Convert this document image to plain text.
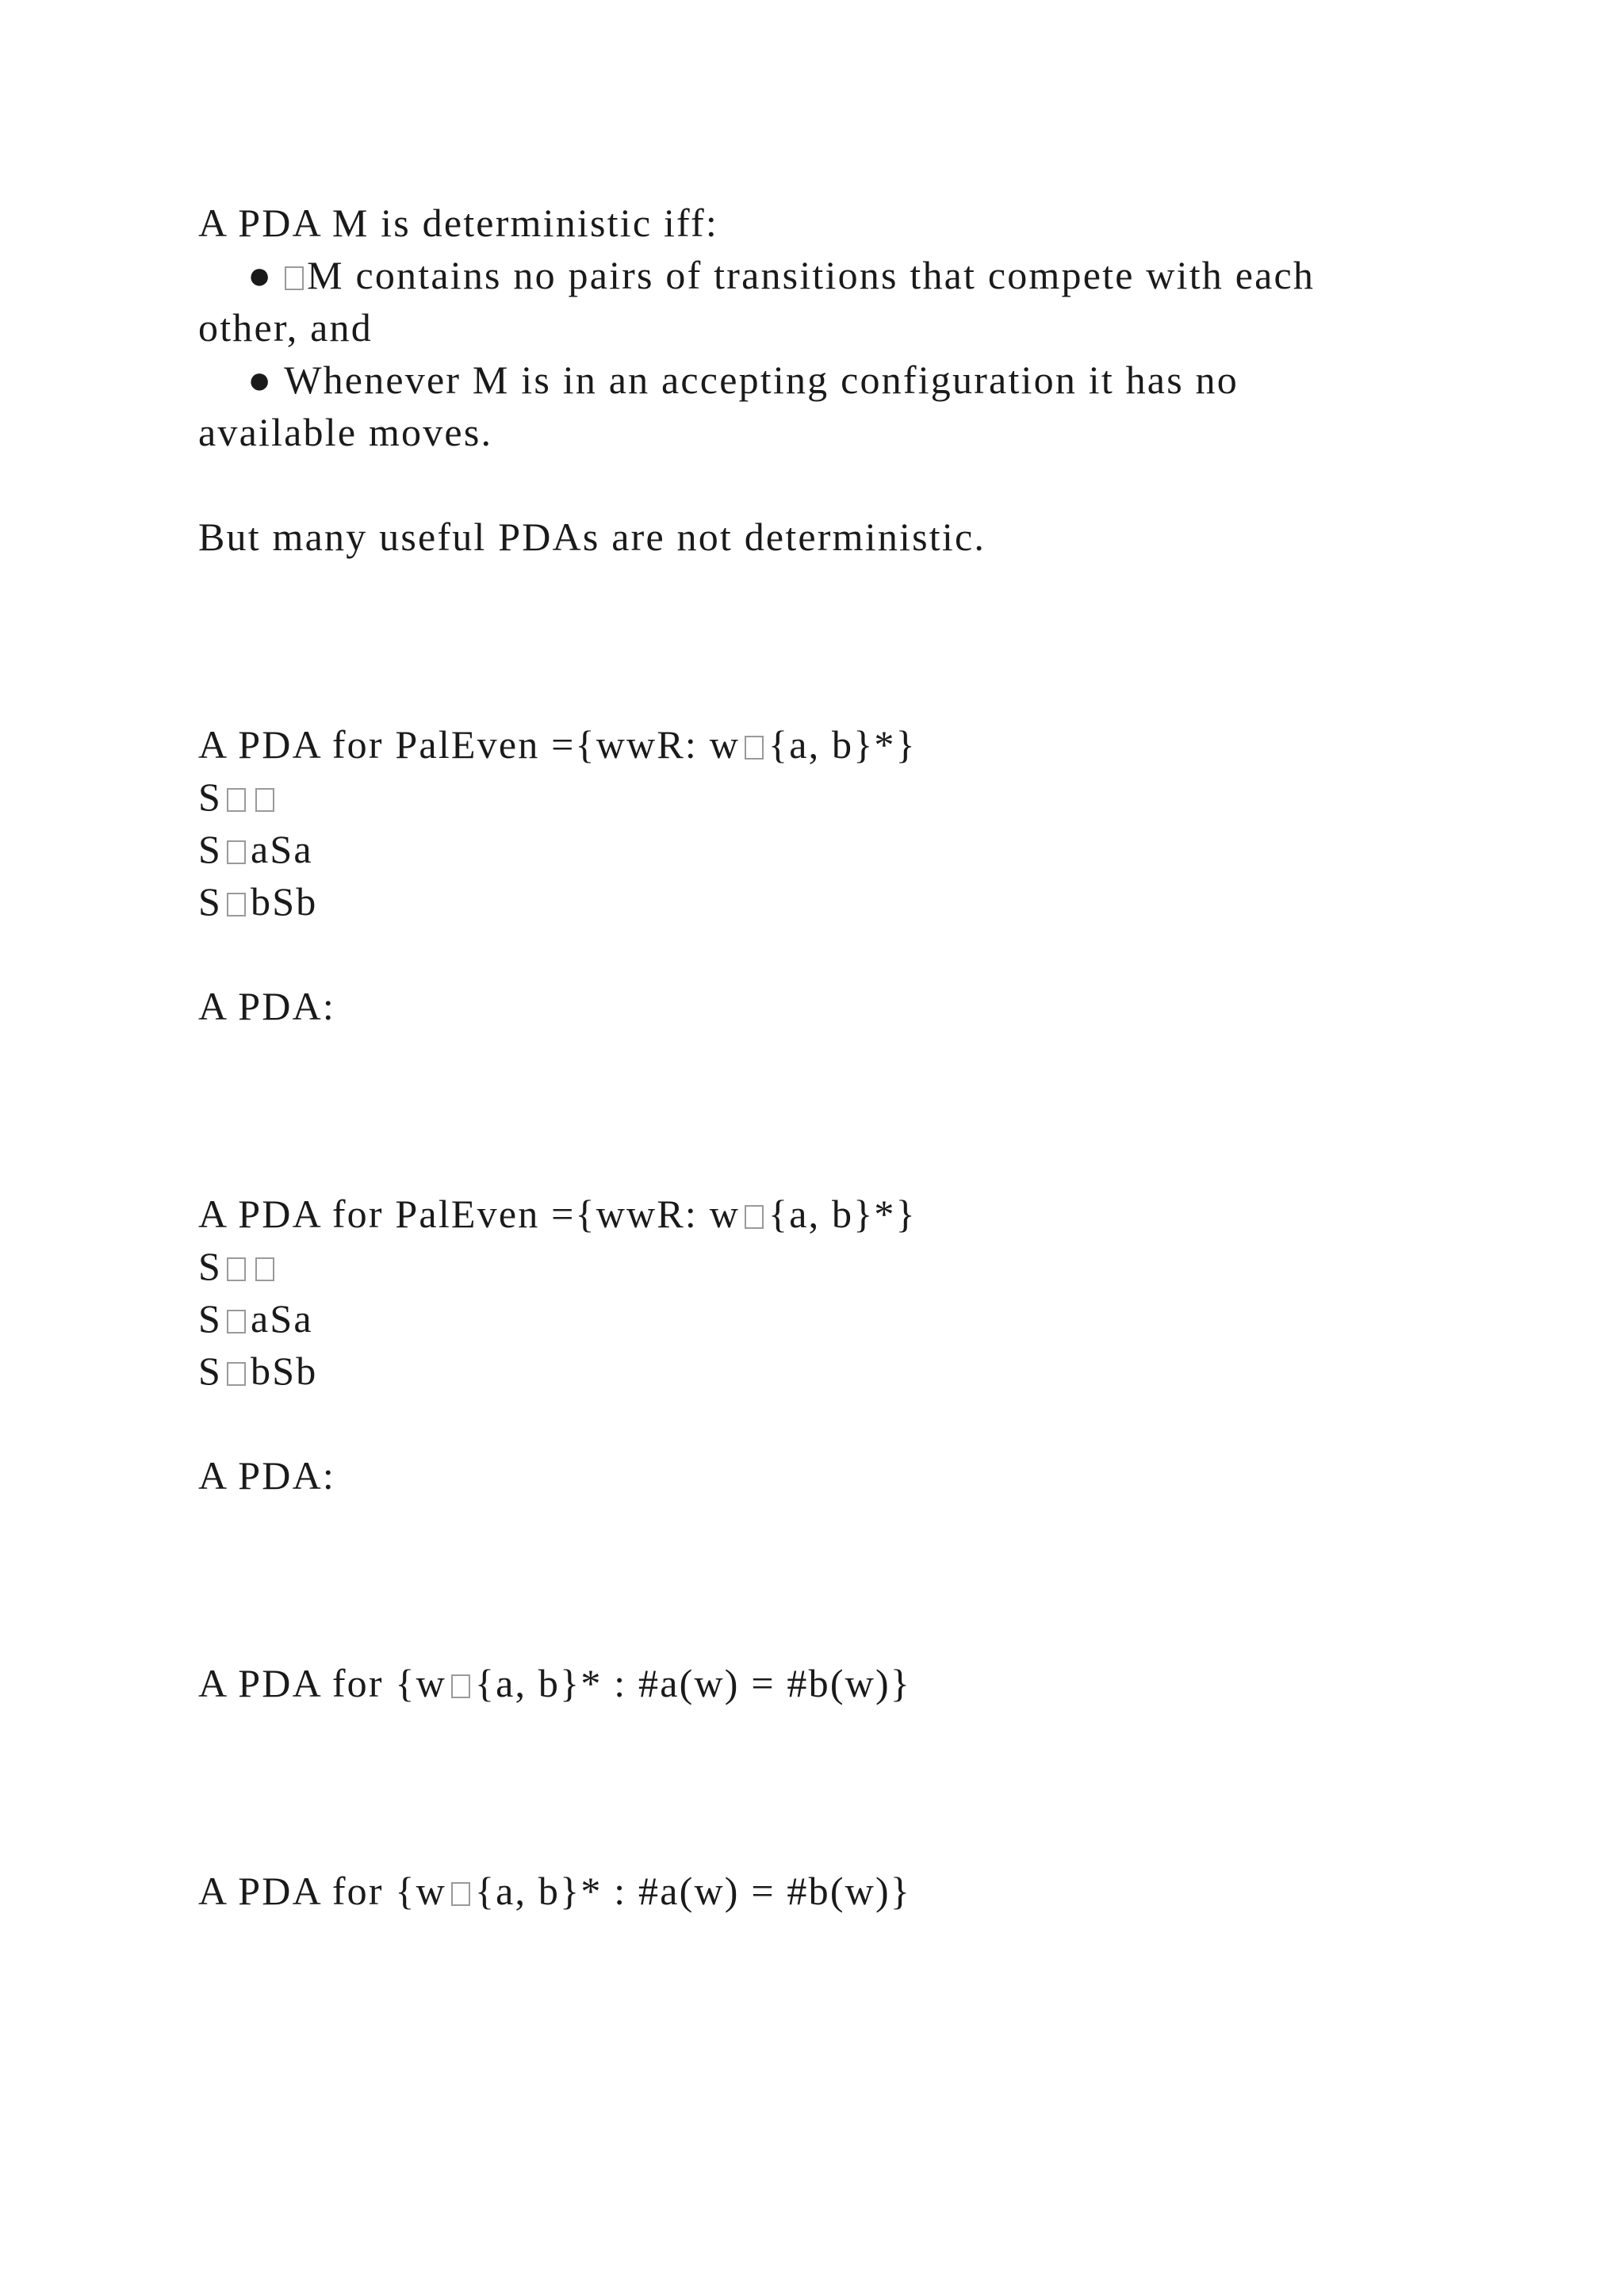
A PDA M is deterministic iff:
● M contains no pairs of transitions that compete with each
other, and
● Whenever M is in an accepting configuration it has no
available moves.
But many useful PDAs are not deterministic.
A PDA for PalEven ={wwR: w {a, b}*}
S
S aSa
S bSb
A PDA:
A PDA for PalEven ={wwR: w {a, b}*}
S
S aSa
S bSb
A PDA:
A PDA for {w {a, b}* : #a(w) = #b(w)}
A PDA for {w {a, b}* : #a(w) = #b(w)}
